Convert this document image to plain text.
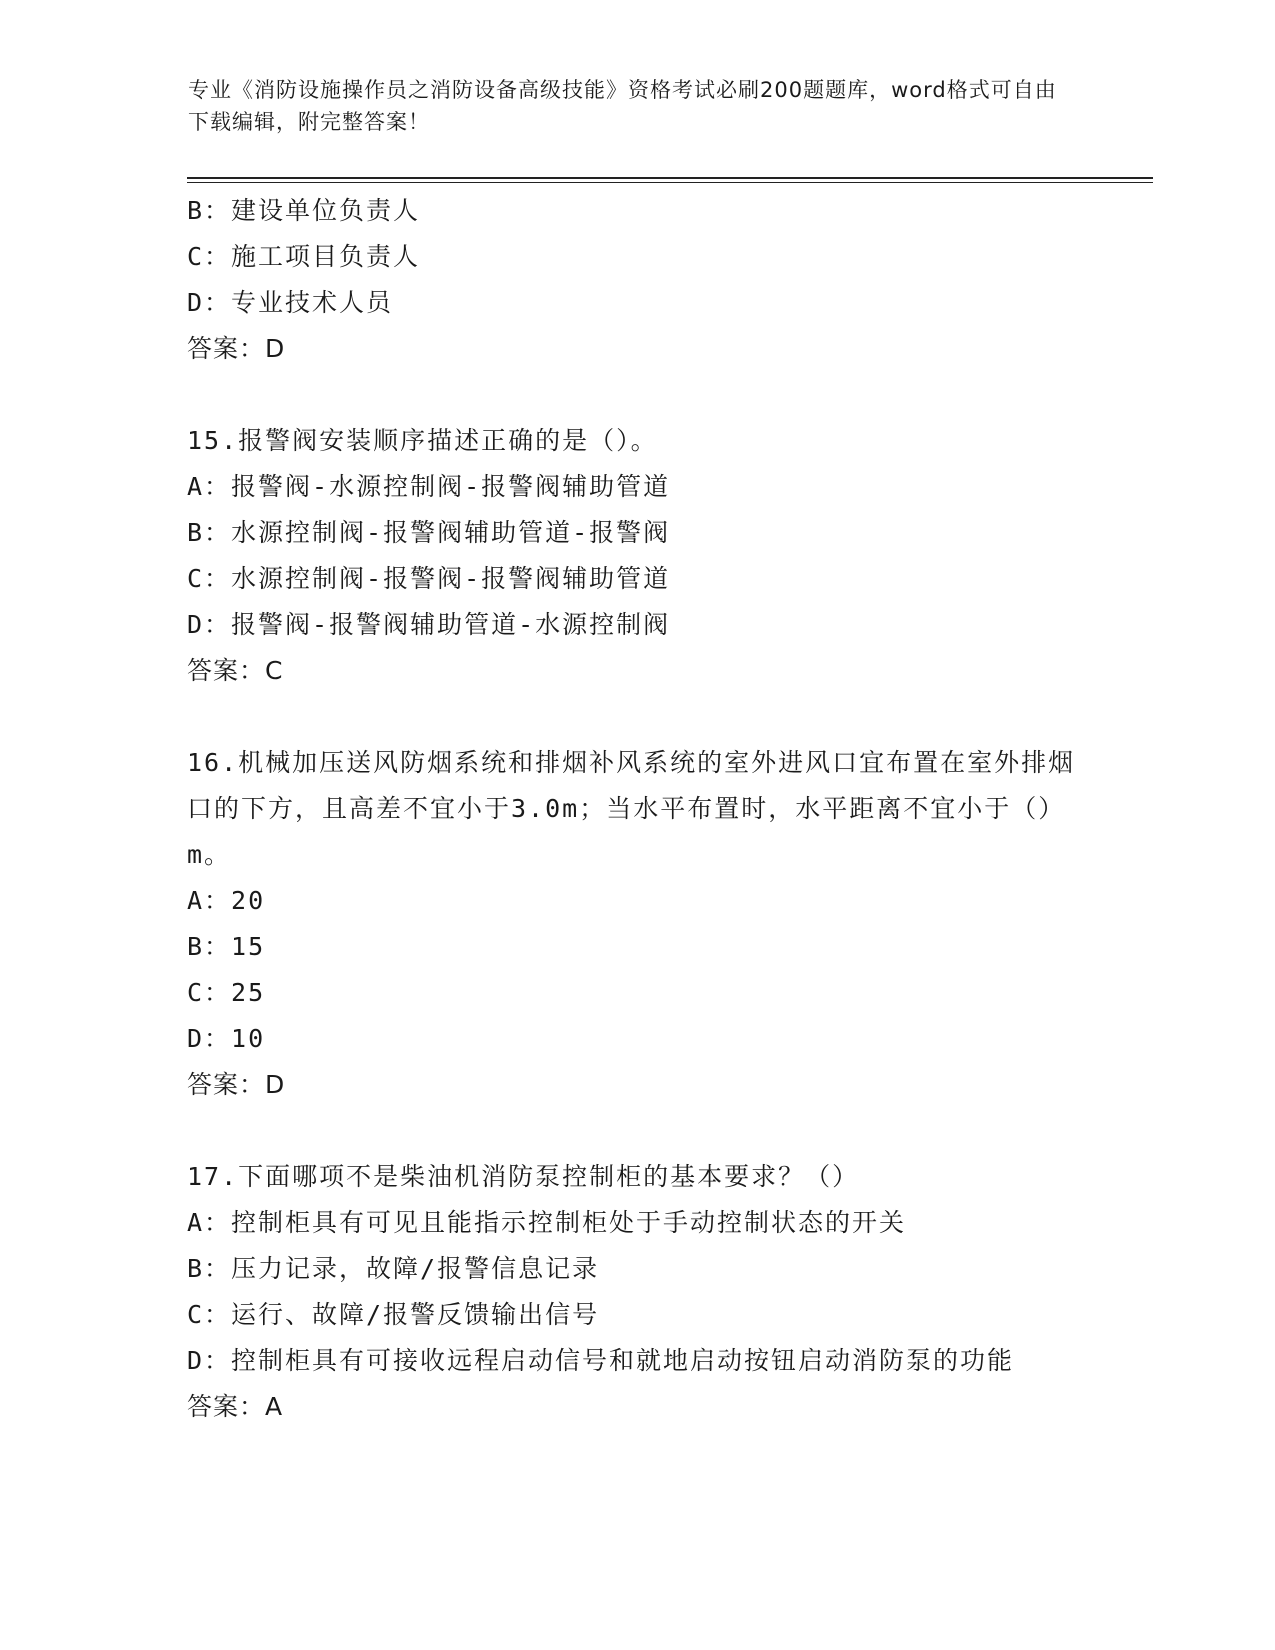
专业《消防设施操作员之消防设备高级技能》资格考试必刷200题题库，word格式可自由下载编辑，附完整答案！
B：建设单位负责人
C：施工项目负责人
D：专业技术人员
答案：D
15.报警阀安装顺序描述正确的是（）。
A：报警阀-水源控制阀-报警阀辅助管道
B：水源控制阀-报警阀辅助管道-报警阀
C：水源控制阀-报警阀-报警阀辅助管道
D：报警阀-报警阀辅助管道-水源控制阀
答案：C
16.机械加压送风防烟系统和排烟补风系统的室外进风口宜布置在室外排烟口的下方，且高差不宜小于3.0m；当水平布置时，水平距离不宜小于（）m。
A：20
B：15
C：25
D：10
答案：D
17.下面哪项不是柴油机消防泵控制柜的基本要求？（）
A：控制柜具有可见且能指示控制柜处于手动控制状态的开关
B：压力记录，故障/报警信息记录
C：运行、故障/报警反馈输出信号
D：控制柜具有可接收远程启动信号和就地启动按钮启动消防泵的功能
答案：A
